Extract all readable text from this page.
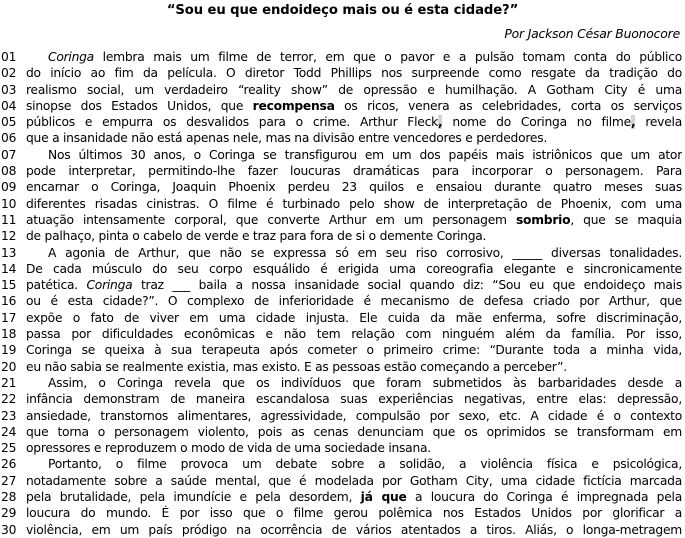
“Sou eu que endoideço mais ou é esta cidade?”
Por Jackson César Buonocore
01	Coringa lembra mais um filme de terror, em que o pavor e a pulsão tomam conta do público
02 do início ao fim da película. O diretor Todd Phillips nos surpreende como resgate da tradição do
03 realismo social, um verdadeiro “reality show” de opressão e humilhação. A Gotham City é uma
04 sinopse dos Estados Unidos, que recompensa os ricos, venera as celebridades, corta os serviços
05 públicos e empurra os desvalidos para o crime. Arthur Fleck, nome do Coringa no filme, revela
06 que a insanidade não está apenas nele, mas na divisão entre vencedores e perdedores.
07	Nos últimos 30 anos, o Coringa se transfigurou em um dos papéis mais istriônicos que um ator
08 pode interpretar, permitindo-lhe fazer loucuras dramáticas para incorporar o personagem. Para
09 encarnar o Coringa, Joaquin Phoenix perdeu 23 quilos e ensaiou durante quatro meses suas
10 diferentes risadas cinistras. O filme é turbinado pelo show de interpretação de Phoenix, com uma
11 atuação intensamente corporal, que converte Arthur em um personagem sombrio, que se maquia
12 de palhaço, pinta o cabelo de verde e traz para fora de si o demente Coringa.
13	A agonia de Arthur, que não se expressa só em seu riso corrosivo, _____ diversas tonalidades.
14 De cada músculo do seu corpo esquálido é erigida uma coreografia elegante e sincronicamente
15 patética. Coringa traz ___ baila a nossa insanidade social quando diz: “Sou eu que endoideço mais
16 ou é esta cidade?”. O complexo de inferioridade é mecanismo de defesa criado por Arthur, que
17 expõe o fato de viver em uma cidade injusta. Ele cuida da mãe enferma, sofre discriminação,
18 passa por dificuldades econômicas e não tem relação com ninguém além da família. Por isso,
19 Coringa se queixa à sua terapeuta após cometer o primeiro crime: “Durante toda a minha vida,
20 eu não sabia se realmente existia, mas existo. E as pessoas estão começando a perceber”.
21	Assim, o Coringa revela que os indivíduos que foram submetidos às barbaridades desde a
22 infância demonstram de maneira escandalosa suas experiências negativas, entre elas: depressão,
23 ansiedade, transtornos alimentares, agressividade, compulsão por sexo, etc. A cidade é o contexto
24 que torna o personagem violento, pois as cenas denunciam que os oprimidos se transformam em
25 opressores e reproduzem o modo de vida de uma sociedade insana.
26	Portanto, o filme provoca um debate sobre a solidão, a violência física e psicológica,
27 notadamente sobre a saúde mental, que é modelada por Gotham City, uma cidade fictícia marcada
28 pela brutalidade, pela imundície e pela desordem, já que a loucura do Coringa é impregnada pela
29 loucura do mundo. É por isso que o filme gerou polêmica nos Estados Unidos por glorificar a
30 violência, em um país pródigo na ocorrência de vários atentados a tiros. Aliás, o longa-metragem
